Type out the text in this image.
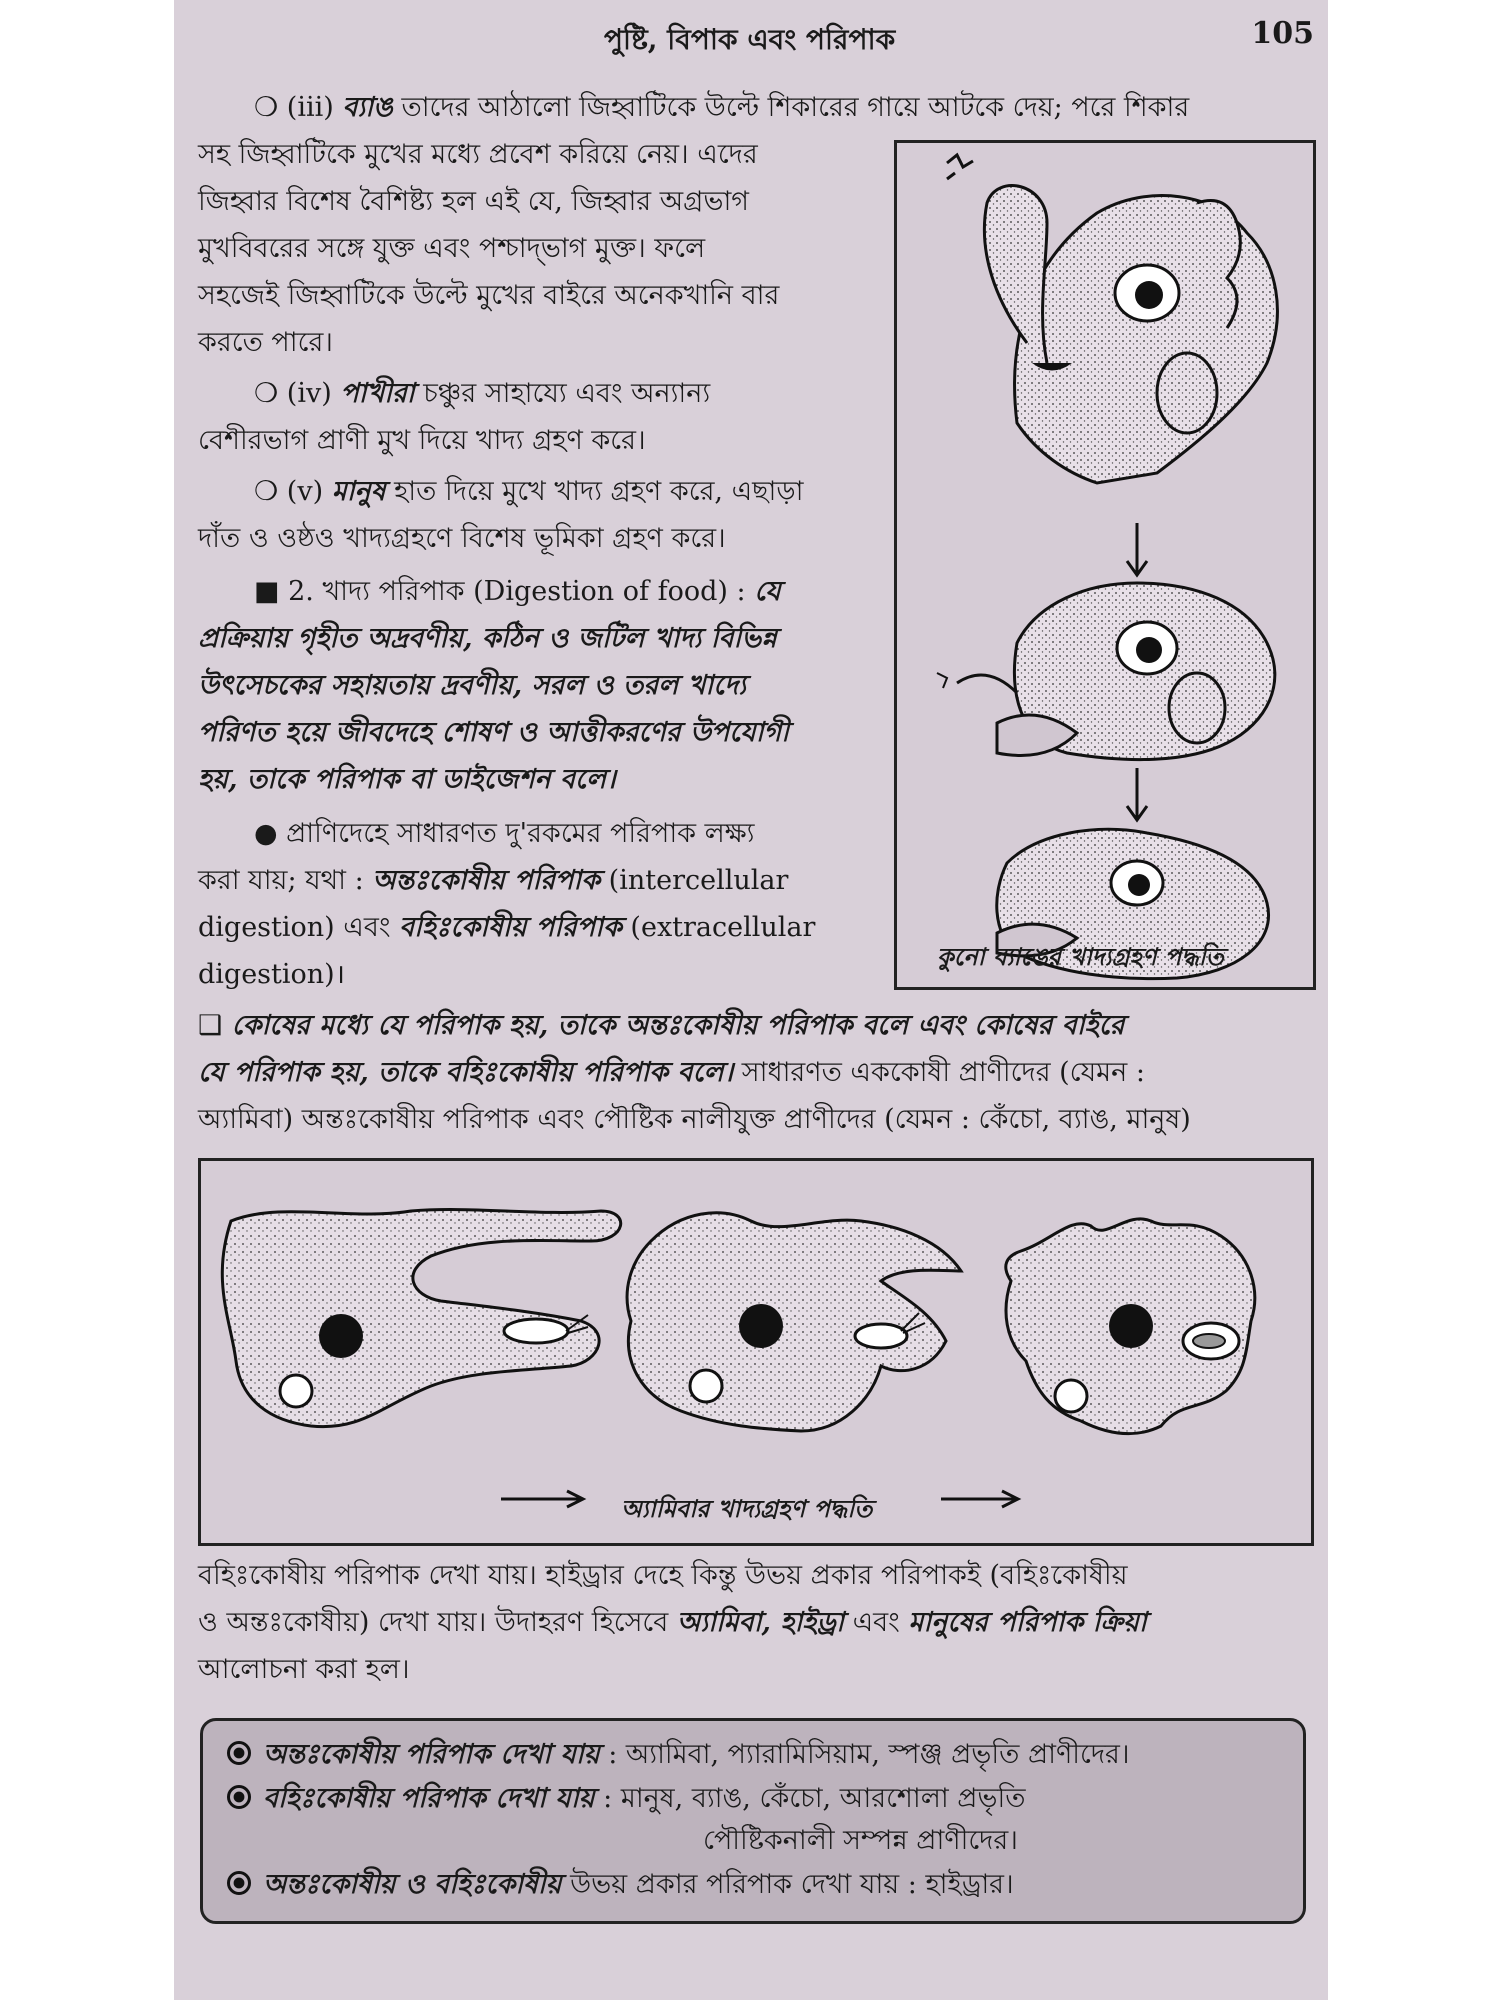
পুষ্টি, বিপাক এবং পরিপাক	105
❍ (iii) ব্যাঙ তাদের আঠালো জিহ্বাটিকে উল্টে শিকারের গায়ে আটকে দেয়; পরে শিকার
সহ জিহ্বাটিকে মুখের মধ্যে প্রবেশ করিয়ে নেয়। এদের
জিহ্বার বিশেষ বৈশিষ্ট্য হল এই যে, জিহ্বার অগ্রভাগ
মুখবিবরের সঙ্গে যুক্ত এবং পশ্চাদ্‌ভাগ মুক্ত। ফলে
সহজেই জিহ্বাটিকে উল্টে মুখের বাইরে অনেকখানি বার
করতে পারে।
❍ (iv) পাখীরা চঞ্চুর সাহায্যে এবং অন্যান্য
বেশীরভাগ প্রাণী মুখ দিয়ে খাদ্য গ্রহণ করে।
❍ (v) মানুষ হাত দিয়ে মুখে খাদ্য গ্রহণ করে, এছাড়া
দাঁত ও ওষ্ঠও খাদ্যগ্রহণে বিশেষ ভূমিকা গ্রহণ করে।
■ 2. খাদ্য পরিপাক (Digestion of food) : যে
প্রক্রিয়ায় গৃহীত অদ্রবণীয়, কঠিন ও জটিল খাদ্য বিভিন্ন
উৎসেচকের সহায়তায় দ্রবণীয়, সরল ও তরল খাদ্যে
পরিণত হয়ে জীবদেহে শোষণ ও আত্তীকরণের উপযোগী
হয়, তাকে পরিপাক বা ডাইজেশন বলে।
● প্রাণিদেহে সাধারণত দু'রকমের পরিপাক লক্ষ্য
করা যায়; যথা : অন্তঃকোষীয় পরিপাক (intercellular
digestion) এবং বহিঃকোষীয় পরিপাক (extracellular
digestion)।
কুনো ব্যাঙের খাদ্যগ্রহণ পদ্ধতি
❑ কোষের মধ্যে যে পরিপাক হয়, তাকে অন্তঃকোষীয় পরিপাক বলে এবং কোষের বাইরে
যে পরিপাক হয়, তাকে বহিঃকোষীয় পরিপাক বলে। সাধারণত এককোষী প্রাণীদের (যেমন :
অ্যামিবা) অন্তঃকোষীয় পরিপাক এবং পৌষ্টিক নালীযুক্ত প্রাণীদের (যেমন : কেঁচো, ব্যাঙ, মানুষ)
অ্যামিবার খাদ্যগ্রহণ পদ্ধতি
বহিঃকোষীয় পরিপাক দেখা যায়। হাইড্রার দেহে কিন্তু উভয় প্রকার পরিপাকই (বহিঃকোষীয়
ও অন্তঃকোষীয়) দেখা যায়। উদাহরণ হিসেবে অ্যামিবা, হাইড্রা এবং মানুষের পরিপাক ক্রিয়া
আলোচনা করা হল।
অন্তঃকোষীয় পরিপাক দেখা যায় : অ্যামিবা, প্যারামিসিয়াম, স্পঞ্জ প্রভৃতি প্রাণীদের।
বহিঃকোষীয় পরিপাক দেখা যায় : মানুষ, ব্যাঙ, কেঁচো, আরশোলা প্রভৃতি
পৌষ্টিকনালী সম্পন্ন প্রাণীদের।
অন্তঃকোষীয় ও বহিঃকোষীয় উভয় প্রকার পরিপাক দেখা যায় : হাইড্রার।
